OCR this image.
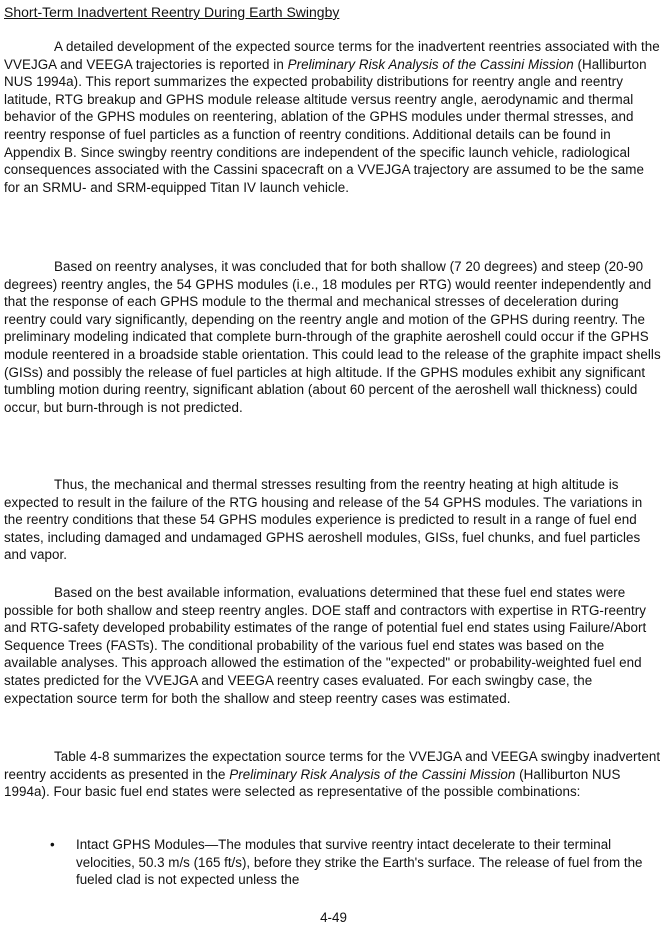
Short-Term Inadvertent Reentry During Earth Swingby

A detailed development of the expected source terms for the inadvertent reentries associated with the VVEJGA and VEEGA trajectories is reported in Preliminary Risk Analysis of the Cassini Mission (Halliburton NUS 1994a). This report summarizes the expected probability distributions for reentry angle and reentry latitude, RTG breakup and GPHS module release altitude versus reentry angle, aerodynamic and thermal behavior of the GPHS modules on reentering, ablation of the GPHS modules under thermal stresses, and reentry response of fuel particles as a function of reentry conditions. Additional details can be found in Appendix B. Since swingby reentry conditions are independent of the specific launch vehicle, radiological consequences associated with the Cassini spacecraft on a VVEJGA trajectory are assumed to be the same for an SRMU- and SRM-equipped Titan IV launch vehicle.

Based on reentry analyses, it was concluded that for both shallow (7 20 degrees) and steep (20-90 degrees) reentry angles, the 54 GPHS modules (i.e., 18 modules per RTG) would reenter independently and that the response of each GPHS module to the thermal and mechanical stresses of deceleration during reentry could vary significantly, depending on the reentry angle and motion of the GPHS during reentry. The preliminary modeling indicated that complete burn-through of the graphite aeroshell could occur if the GPHS module reentered in a broadside stable orientation. This could lead to the release of the graphite impact shells (GISs) and possibly the release of fuel particles at high altitude. If the GPHS modules exhibit any significant tumbling motion during reentry, significant ablation (about 60 percent of the aeroshell wall thickness) could occur, but burn-through is not predicted.

Thus, the mechanical and thermal stresses resulting from the reentry heating at high altitude is expected to result in the failure of the RTG housing and release of the 54 GPHS modules. The variations in the reentry conditions that these 54 GPHS modules experience is predicted to result in a range of fuel end states, including damaged and undamaged GPHS aeroshell modules, GISs, fuel chunks, and fuel particles and vapor.

Based on the best available information, evaluations determined that these fuel end states were possible for both shallow and steep reentry angles. DOE staff and contractors with expertise in RTG-reentry and RTG-safety developed probability estimates of the range of potential fuel end states using Failure/Abort Sequence Trees (FASTs). The conditional probability of the various fuel end states was based on the available analyses. This approach allowed the estimation of the "expected" or probability-weighted fuel end states predicted for the VVEJGA and VEEGA reentry cases evaluated. For each swingby case, the expectation source term for both the shallow and steep reentry cases was estimated.

Table 4-8 summarizes the expectation source terms for the VVEJGA and VEEGA swingby inadvertent reentry accidents as presented in the Preliminary Risk Analysis of the Cassini Mission (Halliburton NUS 1994a). Four basic fuel end states were selected as representative of the possible combinations:

•	Intact GPHS Modules—The modules that survive reentry intact decelerate to their terminal velocities, 50.3 m/s (165 ft/s), before they strike the Earth's surface. The release of fuel from the fueled clad is not expected unless the
4-49
